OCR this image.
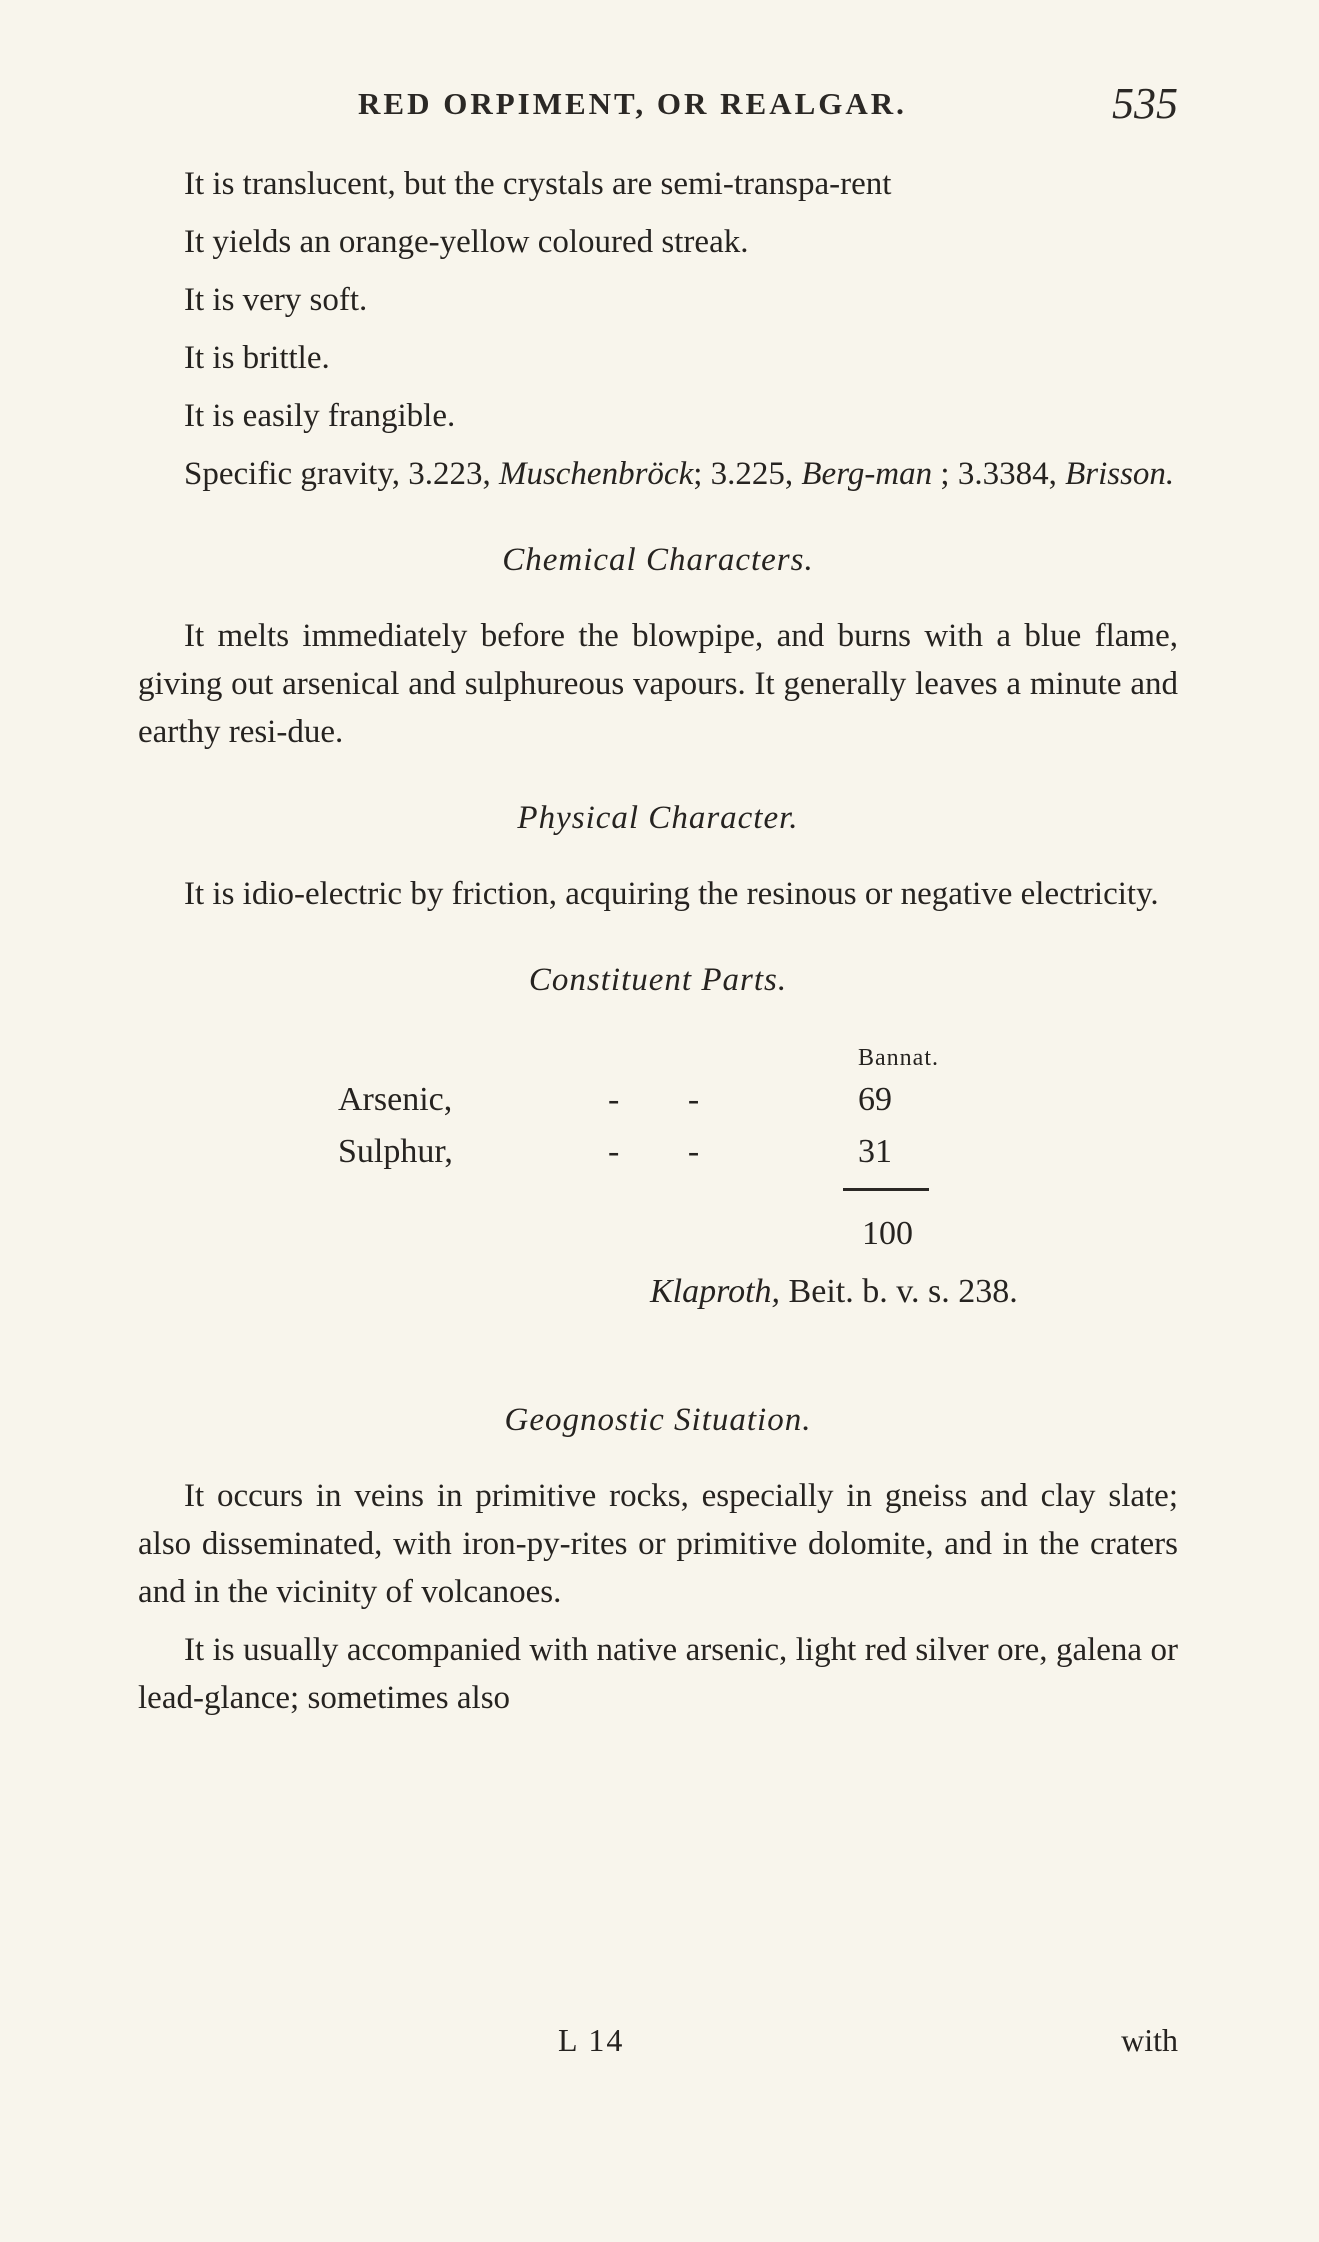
RED ORPIMENT, OR REALGAR.	535

It is translucent, but the crystals are semi-transpa-rent

It yields an orange-yellow coloured streak.

It is very soft.

It is brittle.

It is easily frangible.

Specific gravity, 3.223, Muschenbröck; 3.225, Berg-man ; 3.3384, Brisson.

Chemical Characters.

It melts immediately before the blowpipe, and burns with a blue flame, giving out arsenical and sulphureous vapours. It generally leaves a minute and earthy resi-due.

Physical Character.

It is idio-electric by friction, acquiring the resinous or negative electricity.

Constituent Parts.
Bannat.
Arsenic,	- -	69
Sulphur,	- -	31
100
Klaproth, Beit. b. v. s. 238.
Geognostic Situation.

It occurs in veins in primitive rocks, especially in gneiss and clay slate; also disseminated, with iron-py-rites or primitive dolomite, and in the craters and in the vicinity of volcanoes.

It is usually accompanied with native arsenic, light red silver ore, galena or lead-glance; sometimes also

L 14	with
